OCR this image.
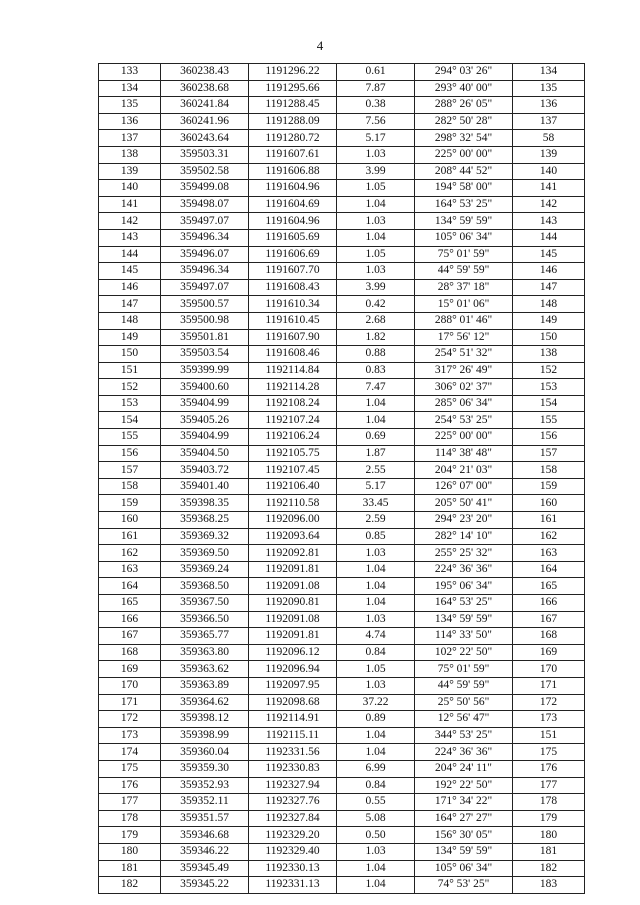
4
133	360238.43	1191296.22	0.61	294° 03' 26"	134
134	360238.68	1191295.66	7.87	293° 40' 00"	135
135	360241.84	1191288.45	0.38	288° 26' 05"	136
136	360241.96	1191288.09	7.56	282° 50' 28"	137
137	360243.64	1191280.72	5.17	298° 32' 54"	58
138	359503.31	1191607.61	1.03	225° 00' 00"	139
139	359502.58	1191606.88	3.99	208° 44' 52"	140
140	359499.08	1191604.96	1.05	194° 58' 00"	141
141	359498.07	1191604.69	1.04	164° 53' 25"	142
142	359497.07	1191604.96	1.03	134° 59' 59"	143
143	359496.34	1191605.69	1.04	105° 06' 34"	144
144	359496.07	1191606.69	1.05	75° 01' 59"	145
145	359496.34	1191607.70	1.03	44° 59' 59"	146
146	359497.07	1191608.43	3.99	28° 37' 18"	147
147	359500.57	1191610.34	0.42	15° 01' 06"	148
148	359500.98	1191610.45	2.68	288° 01' 46"	149
149	359501.81	1191607.90	1.82	17° 56' 12"	150
150	359503.54	1191608.46	0.88	254° 51' 32"	138
151	359399.99	1192114.84	0.83	317° 26' 49"	152
152	359400.60	1192114.28	7.47	306° 02' 37"	153
153	359404.99	1192108.24	1.04	285° 06' 34"	154
154	359405.26	1192107.24	1.04	254° 53' 25"	155
155	359404.99	1192106.24	0.69	225° 00' 00"	156
156	359404.50	1192105.75	1.87	114° 38' 48"	157
157	359403.72	1192107.45	2.55	204° 21' 03"	158
158	359401.40	1192106.40	5.17	126° 07' 00"	159
159	359398.35	1192110.58	33.45	205° 50' 41"	160
160	359368.25	1192096.00	2.59	294° 23' 20"	161
161	359369.32	1192093.64	0.85	282° 14' 10"	162
162	359369.50	1192092.81	1.03	255° 25' 32"	163
163	359369.24	1192091.81	1.04	224° 36' 36"	164
164	359368.50	1192091.08	1.04	195° 06' 34"	165
165	359367.50	1192090.81	1.04	164° 53' 25"	166
166	359366.50	1192091.08	1.03	134° 59' 59"	167
167	359365.77	1192091.81	4.74	114° 33' 50"	168
168	359363.80	1192096.12	0.84	102° 22' 50"	169
169	359363.62	1192096.94	1.05	75° 01' 59"	170
170	359363.89	1192097.95	1.03	44° 59' 59"	171
171	359364.62	1192098.68	37.22	25° 50' 56"	172
172	359398.12	1192114.91	0.89	12° 56' 47"	173
173	359398.99	1192115.11	1.04	344° 53' 25"	151
174	359360.04	1192331.56	1.04	224° 36' 36"	175
175	359359.30	1192330.83	6.99	204° 24' 11"	176
176	359352.93	1192327.94	0.84	192° 22' 50"	177
177	359352.11	1192327.76	0.55	171° 34' 22"	178
178	359351.57	1192327.84	5.08	164° 27' 27"	179
179	359346.68	1192329.20	0.50	156° 30' 05"	180
180	359346.22	1192329.40	1.03	134° 59' 59"	181
181	359345.49	1192330.13	1.04	105° 06' 34"	182
182	359345.22	1192331.13	1.04	74° 53' 25"	183
